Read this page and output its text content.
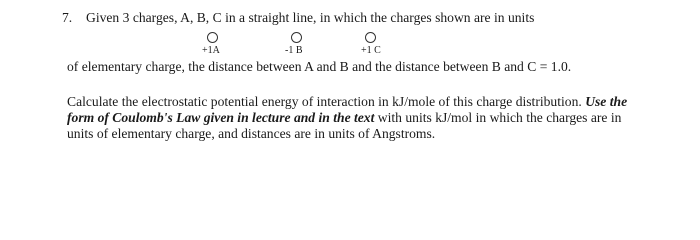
7. Given 3 charges, A, B, C in a straight line, in which the charges shown are in units
+1A	-1 B	+1 C
of elementary charge, the distance between A and B and the distance between B and C = 1.0.
Calculate the electrostatic potential energy of interaction in kJ/mole of this charge distribution. Use the form of Coulomb's Law given in lecture and in the text with units kJ/mol in which the charges are in units of elementary charge, and distances are in units of Angstroms.
